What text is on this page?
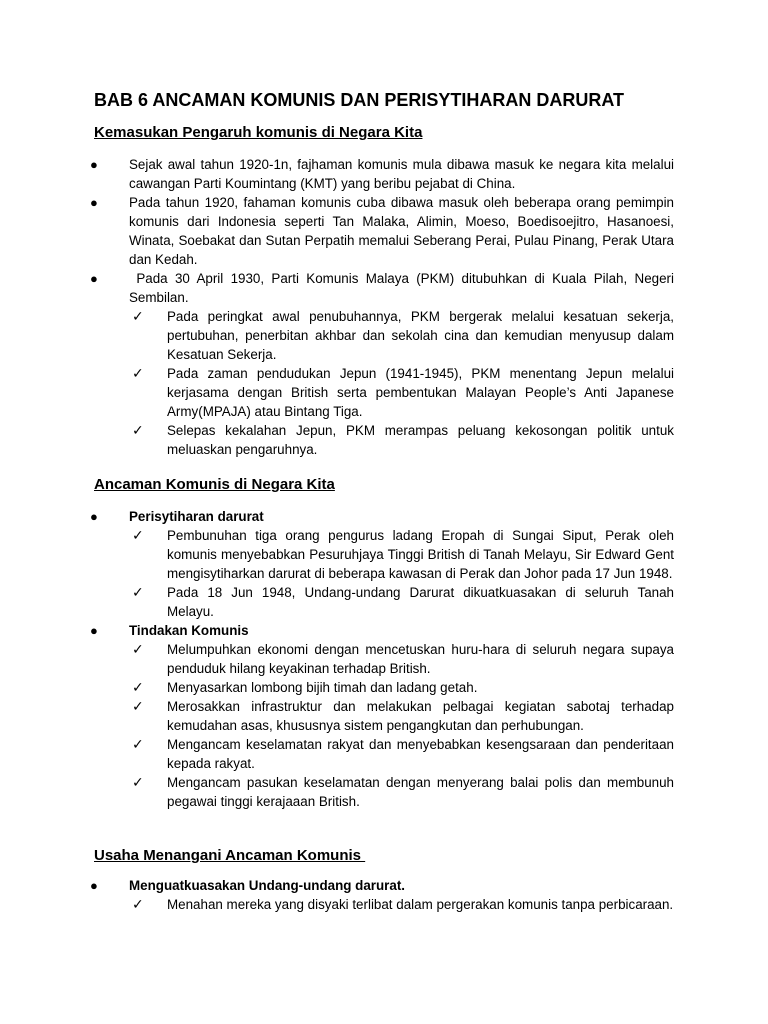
BAB 6 ANCAMAN KOMUNIS DAN PERISYTIHARAN DARURAT
Kemasukan Pengaruh komunis di Negara Kita
● Sejak awal tahun 1920-1n, fajhaman komunis mula dibawa masuk ke negara kita melalui cawangan Parti Koumintang (KMT) yang beribu pejabat di China.
● Pada tahun 1920, fahaman komunis cuba dibawa masuk oleh beberapa orang pemimpin komunis dari Indonesia seperti Tan Malaka, Alimin, Moeso, Boedisoejitro, Hasanoesi, Winata, Soebakat dan Sutan Perpatih memalui Seberang Perai, Pulau Pinang, Perak Utara dan Kedah.
● Pada 30 April 1930, Parti Komunis Malaya (PKM) ditubuhkan di Kuala Pilah, Negeri Sembilan.
✓ Pada peringkat awal penubuhannya, PKM bergerak melalui kesatuan sekerja, pertubuhan, penerbitan akhbar dan sekolah cina dan kemudian menyusup dalam Kesatuan Sekerja.
✓ Pada zaman pendudukan Jepun (1941-1945), PKM menentang Jepun melalui kerjasama dengan British serta pembentukan Malayan People’s Anti Japanese Army(MPAJA) atau Bintang Tiga.
✓ Selepas kekalahan Jepun, PKM merampas peluang kekosongan politik untuk meluaskan pengaruhnya.
Ancaman Komunis di Negara Kita
● Perisytiharan darurat
✓ Pembunuhan tiga orang pengurus ladang Eropah di Sungai Siput, Perak oleh komunis menyebabkan Pesuruhjaya Tinggi British di Tanah Melayu, Sir Edward Gent mengisytiharkan darurat di beberapa kawasan di Perak dan Johor pada 17 Jun 1948.
✓ Pada 18 Jun 1948, Undang-undang Darurat dikuatkuasakan di seluruh Tanah Melayu.
● Tindakan Komunis
✓ Melumpuhkan ekonomi dengan mencetuskan huru-hara di seluruh negara supaya penduduk hilang keyakinan terhadap British.
✓ Menyasarkan lombong bijih timah dan ladang getah.
✓ Merosakkan infrastruktur dan melakukan pelbagai kegiatan sabotaj terhadap kemudahan asas, khususnya sistem pengangkutan dan perhubungan.
✓ Mengancam keselamatan rakyat dan menyebabkan kesengsaraan dan penderitaan kepada rakyat.
✓ Mengancam pasukan keselamatan dengan menyerang balai polis dan membunuh pegawai tinggi kerajaaan British.
Usaha Menangani Ancaman Komunis
● Menguatkuasakan Undang-undang darurat.
✓ Menahan mereka yang disyaki terlibat dalam pergerakan komunis tanpa perbicaraan.
